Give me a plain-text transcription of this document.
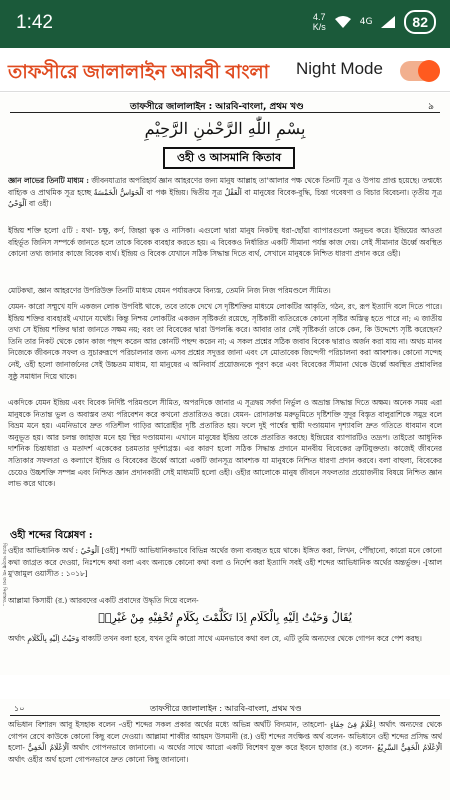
1:42	4.7
K/s	4G	82
তাফসীরে জালালাইন আরবী বাংলা Night Mode
তাফসীরে জালালাইন : আরবি-বাংলা, প্রথম খণ্ড	৯
بِسْمِ اللّٰهِ الرَّحْمٰنِ الرَّحِيْمِ
ওহী ও আসমানি কিতাব
জ্ঞান লাভের তিনটি মাধ্যম : জীবনযাত্রার অপরিহার্য জ্ঞান আহরণের জন্য মানুষ আল্লাহ তা'আলার পক্ষ থেকে তিনটি সূত্র ও উপায় প্রাপ্ত হয়েছে। তন্মধ্যে বাহ্যিক ও প্রাথমিক সূত্র হচ্ছে اَلْحَوَاسُّ الْخَمْسَةُ বা পঞ্চ ইন্দ্রিয়। দ্বিতীয় সূত্র اَلْعَقْلُ বা মানুষের বিবেক-বুদ্ধি, চিন্তা গবেষণা ও বিচার বিবেচনা। তৃতীয় সূত্র اَلْوَحْيُ বা ওহী।
ইন্দ্রিয় শক্তি হলো ৫টি : যথা- চক্ষু, কর্ণ, জিহ্বা ত্বক ও নাসিকা। এগুলো দ্বারা মানুষ নিকটস্থ ধরা-ছোঁয়া ব্যাপারগুলো অনুভব করে। ইন্দ্রিয়ের আওতা বহির্ভূত জিনিস সম্পর্কে জানতে হলে তাকে বিবেক ব্যবহার করতে হয়। এ বিবেকও নির্ধারিত একটি সীমানা পর্যন্ত কাজ দেয়। সেই সীমানার ঊর্ধ্বে অবস্থিত কোনো তথ্য জানার কাজে বিবেক ব্যর্থ। ইন্দ্রিয় ও বিবেক যেখানে সঠিক সিদ্ধান্ত দিতে ব্যর্থ, সেখানে মানুষকে নিশ্চিত ধারণা প্রদান করে ওহী।
মোটকথা, জ্ঞান আহরণের উপরিউক্ত তিনটি মাধ্যম যেমন পর্যায়ক্রমে বিন্যস্ত, তেমনি নিজ নিজ পরিমণ্ডলে সীমিত।
যেমন- কারো সম্মুখে যদি একজন লোক উপবিষ্ট থাকে, তবে তাকে দেখে সে দৃষ্টিশক্তির মাধ্যমে লোকটির আকৃতি, গঠন, রং, রূপ ইত্যাদি বলে দিতে পারে। ইন্দ্রিয় শক্তির ব্যবহারই এখানে যথেষ্ট। কিন্তু নিশ্চয় লোকটির একজন সৃষ্টিকর্তা রয়েছে, সৃষ্টিকারী ব্যতিরেকে কোনো সৃষ্টির অস্তিত্ব হতে পারে না; এ জাতীয় তথ্য সে ইন্দ্রিয় শক্তির দ্বারা জানতে সক্ষম নয়; বরং তা বিবেকের দ্বারা উপলব্ধি করে। আবার তার সেই সৃষ্টিকর্তা তাকে কেন, কি উদ্দেশ্যে সৃষ্টি করেছেন? তিনি তার নিকট থেকে কোন কাজ পছন্দ করেন আর কোনটি পছন্দ করেন না; এ সকল প্রশ্নের সঠিক জবাব বিবেক দ্বারাও অর্জন করা যায় না। অথচ মানব নিজেকে জীবনকে সফল ও সুচারুরূপে পরিচালনার জন্য এসব প্রশ্নের সদুত্তর জানা এবং সে মোতাবেক জিন্দেগী পরিচালনা করা আবশ্যক। কোনো সন্দেহ নেই, ওহী হলো জানার্জনের সেই উচ্চতম মাধ্যম, যা মানুষের এ অনিবার্য প্রয়োজনকে পূরণ করে এবং বিবেকের সীমানা থেকে ঊর্ধ্বে অবস্থিত প্রশ্নাবলির সুষ্ঠু সমাধান দিয়ে থাকে।
একদিকে যেমন ইন্দ্রিয় এবং বিবেক নির্দিষ্ট পরিমণ্ডলে সীমিত, অপরদিকে জানার এ সূত্রদ্বয় সর্বদা নির্ভুল ও অভ্রান্ত সিদ্ধান্ত দিতে অক্ষম। অনেক সময় এরা মানুষকে নিতান্ত ভুল ও অবাস্তব তথ্য পরিবেশন করে কখনো প্রতারিতও করে। যেমন- রোদাক্রান্ত মরুভূমিতে দৃষ্টিশক্তি সুদূর বিস্তৃত বালুরাশিকে সমুদ্র বলে বিভ্রম মনে হয়। এমনিভাবে দ্রুত গতিশীল গাড়ির আরোহীর দৃষ্টি প্রতারিত হয়। ফলে দুই পার্শ্বের স্থায়ী দণ্ডায়মান দৃশ্যাবলি দ্রুত গতিতে ধাবমান বলে অনুভূত হয়। আর চলন্ত জাহাজ মনে হয় স্থির দণ্ডায়মান। এখানে মানুষের ইন্দ্রিয় তাকে প্রতারিত করছে। ইন্দ্রিয়ের ব্যাপারটিও তদ্রূপ। তাইতো আধুনিক দার্শনিক চিন্তাধারা ও মতাদর্শ একেকের চরমতার দুর্দশাগ্রস্ত। এর কারণ হলো সঠিক সিদ্ধান্ত প্রদানে মানবীয় বিবেকের ত্রুটিযুক্ততা। কাজেই জীবনের সত্যিকার সফলতা ও কল্যাণে ইন্দ্রিয় ও বিবেকের ঊর্ধ্বে আরো একটি জানসূত্র আবশ্যক যা মানুষকে নিশ্চিত ধারণা প্রদান করবে। বলা বাহুল্য, বিবেকের চেয়েও উচ্চশক্তি সম্পন্ন এবং নিশ্চিত জ্ঞান প্রদানকারী সেই মাধ্যমটি হলো ওহী। ওহীর আলোকে মানুষ জীবনে সফলতার প্রয়োজনীয় বিষয়ে নিশ্চিত জ্ঞান লাভ করে থাকে।
ওহী শব্দের বিশ্লেষণ :
ওহীর আভিধানিক অর্থ : اَلْوَحْيُ [ওহী] শব্দটি আভিধানিকভাবে বিভিন্ন অর্থের জন্য ব্যবহৃত হয়ে থাকে। ইঙ্গিত করা, লিখন, পৌঁছানো, কারো মনে কোনো কথা জাগ্রত করে দেওয়া, নিঃশব্দে কথা বলা এবং অন্যকে কোনো কথা বলা ও নির্দেশ করা ইত্যাদি সবই ওহী শব্দের আভিধানিক অর্থের অন্তর্ভুক্ত। -[আল মু'জামুল ওয়াসীত : ১০১৮]
আল্লামা কিসায়ী (র.) আরবদের একটি প্রবাদের উদ্ধৃতি দিয়ে বলেন-
يُقَالُ وَحَيْتُ اِلَيْهِ بِالْكَلَامِ اِذَا تَكَلَّمْتَ بِكَلَامٍ تُخْفِيْهِ مِنْ غَيْرِهٖ
অর্থাৎ وَحَيْتُ اِلَيْهِ بِالْكَلَامِ বাক্যটি তখন বলা হবে, যখন তুমি কারো সাথে এমনভাবে কথা বল যে, এটি তুমি অন্যদের থেকে গোপন করে পেশ করছ।
বিচার সত্ত্বে নহ তব। নিরান্তর...
১০	তাফসীরে জালালাইন : আরবি-বাংলা, প্রথম খণ্ড
অভিধান বিশারদ আবু ইসহাক বলেন -ওহী শব্দের সকল প্রকার অর্থের মধ্যে অভিন্ন অর্থটি বিদ্যমান, তাহলো- اِعْلَامٌ فِىْ خِفَاءٍ অর্থাৎ অন্যদের থেকে গোপন রেখে কাউকে কোনো কিছু বলে দেওয়া। আল্লামা শাব্বীর আহমদ উসমানী (র.) ওহী শব্দের সংক্ষিপ্ত অর্থ বলেন- অভিধানে ওহী শব্দের প্রসিদ্ধ অর্থ হলো- اَلْاِعْلَامُ الْخَفِيُّ অর্থাৎ গোপনভাবে জানানো। এ অর্থের সাথে আরো একটি বিশেষণ যুক্ত করে ইবনে হাজার (র.) বলেন- اَلْاِعْلَامُ الْخَفِيُّ السَّرِيْعُ অর্থাৎ ওহীর অর্থ হলো গোপনভাবে দ্রুত কোনো কিছু জানানো।
